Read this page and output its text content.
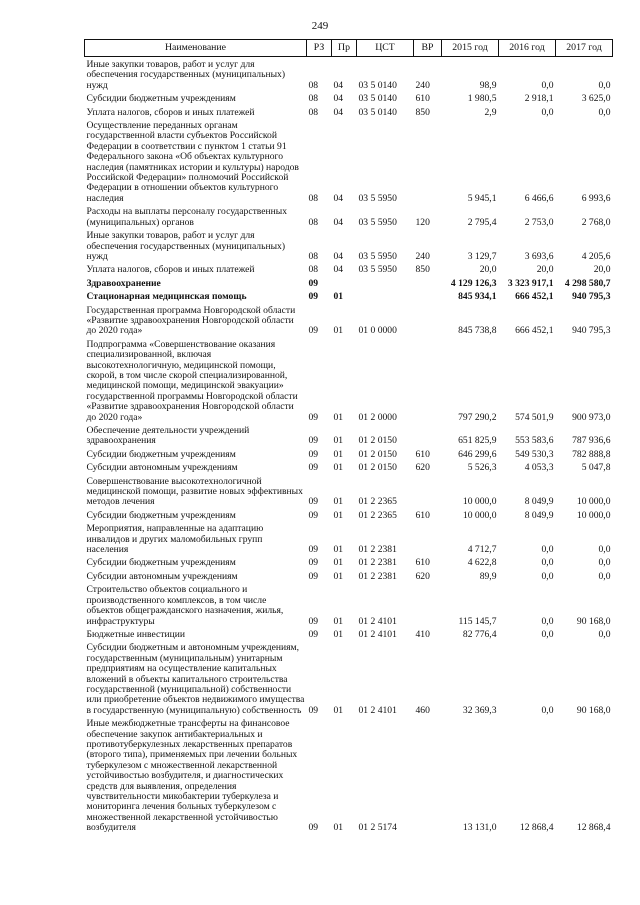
249
Наименование	РЗ	Пр	ЦСТ	ВР	2015 год	2016 год	2017 год
Иные закупки товаров, работ и услуг для обеспечения государственных (муниципальных) нужд	08	04	03 5 0140	240	98,9	0,0	0,0
Субсидии бюджетным учреждениям	08	04	03 5 0140	610	1 980,5	2 918,1	3 625,0
Уплата налогов, сборов и иных платежей	08	04	03 5 0140	850	2,9	0,0	0,0
Осуществление переданных органам государственной власти субъектов Российской Федерации в соответствии с пунктом 1 статьи 91 Федерального закона «Об объектах культурного наследия (памятниках истории и культуры) народов Российской Федерации» полномочий Российской Федерации в отношении объектов культурного наследия	08	04	03 5 5950		5 945,1	6 466,6	6 993,6
Расходы на выплаты персоналу государственных (муниципальных) органов	08	04	03 5 5950	120	2 795,4	2 753,0	2 768,0
Иные закупки товаров, работ и услуг для обеспечения государственных (муниципальных) нужд	08	04	03 5 5950	240	3 129,7	3 693,6	4 205,6
Уплата налогов, сборов и иных платежей	08	04	03 5 5950	850	20,0	20,0	20,0
Здравоохранение	09				4 129 126,3	3 323 917,1	4 298 580,7
Стационарная медицинская помощь	09	01			845 934,1	666 452,1	940 795,3
Государственная программа Новгородской области «Развитие здравоохранения Новгородской области до 2020 года»	09	01	01 0 0000		845 738,8	666 452,1	940 795,3
Подпрограмма «Совершенствование оказания специализированной, включая высокотехнологичную, медицинской помощи, скорой, в том числе скорой специализированной, медицинской помощи, медицинской эвакуации» государственной программы Новгородской области «Развитие здравоохранения Новгородской области до 2020 года»	09	01	01 2 0000		797 290,2	574 501,9	900 973,0
Обеспечение деятельности учреждений здравоохранения	09	01	01 2 0150		651 825,9	553 583,6	787 936,6
Субсидии бюджетным учреждениям	09	01	01 2 0150	610	646 299,6	549 530,3	782 888,8
Субсидии автономным учреждениям	09	01	01 2 0150	620	5 526,3	4 053,3	5 047,8
Совершенствование высокотехнологичной медицинской помощи, развитие новых эффективных методов лечения	09	01	01 2 2365		10 000,0	8 049,9	10 000,0
Субсидии бюджетным учреждениям	09	01	01 2 2365	610	10 000,0	8 049,9	10 000,0
Мероприятия, направленные на адаптацию инвалидов и других маломобильных групп населения	09	01	01 2 2381		4 712,7	0,0	0,0
Субсидии бюджетным учреждениям	09	01	01 2 2381	610	4 622,8	0,0	0,0
Субсидии автономным учреждениям	09	01	01 2 2381	620	89,9	0,0	0,0
Строительство объектов социального и производственного комплексов, в том числе объектов общегражданского назначения, жилья, инфраструктуры	09	01	01 2 4101		115 145,7	0,0	90 168,0
Бюджетные инвестиции	09	01	01 2 4101	410	82 776,4	0,0	0,0
Субсидии бюджетным и автономным учреждениям, государственным (муниципальным) унитарным предприятиям на осуществление капитальных вложений в объекты капитального строительства государственной (муниципальной) собственности или приобретение объектов недвижимого имущества в государственную (муниципальную) собственность	09	01	01 2 4101	460	32 369,3	0,0	90 168,0
Иные межбюджетные трансферты на финансовое обеспечение закупок антибактериальных и противотуберкулезных лекарственных препаратов (второго типа), применяемых при лечении больных туберкулезом с множественной лекарственной устойчивостью возбудителя, и диагностических средств для выявления, определения чувствительности микобактерии туберкулеза и мониторинга лечения больных туберкулезом с множественной лекарственной устойчивостью возбудителя	09	01	01 2 5174		13 131,0	12 868,4	12 868,4
